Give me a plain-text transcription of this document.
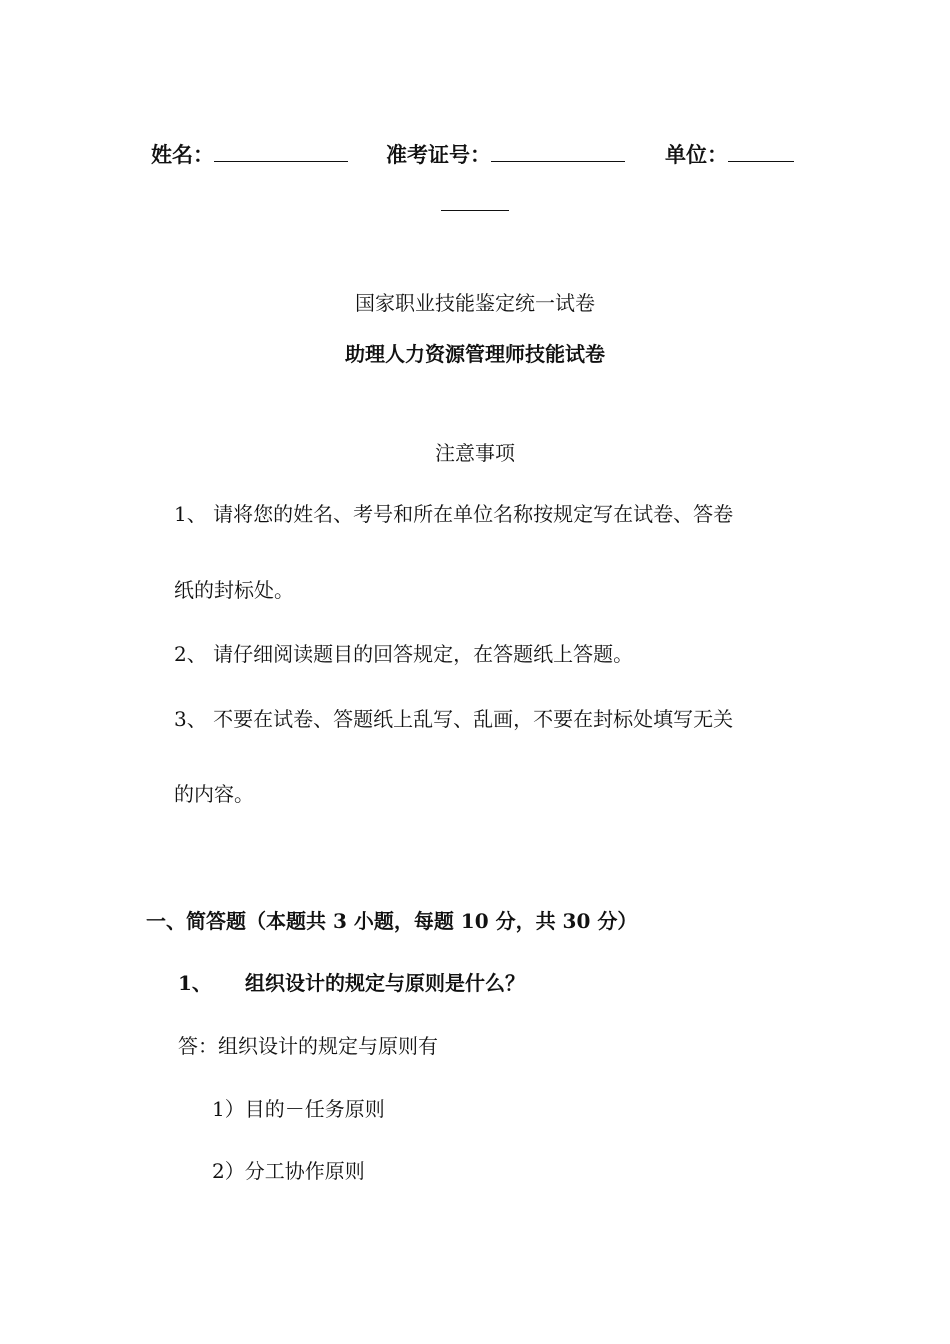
姓名：	准考证号：	单位：
国家职业技能鉴定统一试卷
助理人力资源管理师技能试卷
注意事项
1、 请将您的姓名、考号和所在单位名称按规定写在试卷、答卷
纸的封标处。
2、 请仔细阅读题目的回答规定，在答题纸上答题。
3、 不要在试卷、答题纸上乱写、乱画，不要在封标处填写无关
的内容。
一、简答题（本题共 3 小题，每题 10 分，共 30 分）
1、 组织设计的规定与原则是什么？
答：组织设计的规定与原则有
1）目的－任务原则
2）分工协作原则
